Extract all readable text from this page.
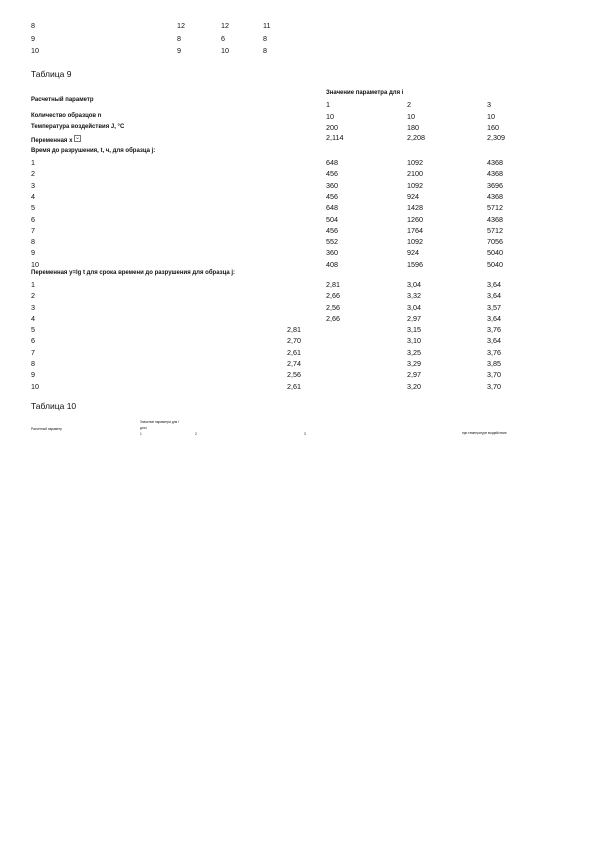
8	12	12	11
9	8	6	8
10	9	10	8
Таблица 9
Расчетный параметр
Значение параметра для i
1	2	3
Количество образцов n	10	10	10
Температура воздействия J, °C	200	180	160
Переменная x ⌄	2,114	2,208	2,309
Время до разрушения, t, ч, для образца j:
1	648	1092	4368
2	456	2100	4368
3	360	1092	3696
4	456	924	4368
5	648	1428	5712
6	504	1260	4368
7	456	1764	5712
8	552	1092	7056
9	360	924	5040
10	408	1596	5040
Переменная y=lg t для срока времени до разрушения для образца j:
1	2,81	3,04	3,64
2	2,66	3,32	3,64
3	2,56	3,04	3,57
4	2,66	2,97	3,64
5	2,81	3,15	3,76
6	2,70	3,10	3,64
7	2,61	3,25	3,76
8	2,74	3,29	3,85
9	2,56	2,97	3,70
10	2,61	3,20	3,70
Таблица 10
Расчетный параметр
Значение параметра для i
для i
1	2	3	при температуре воздействия
